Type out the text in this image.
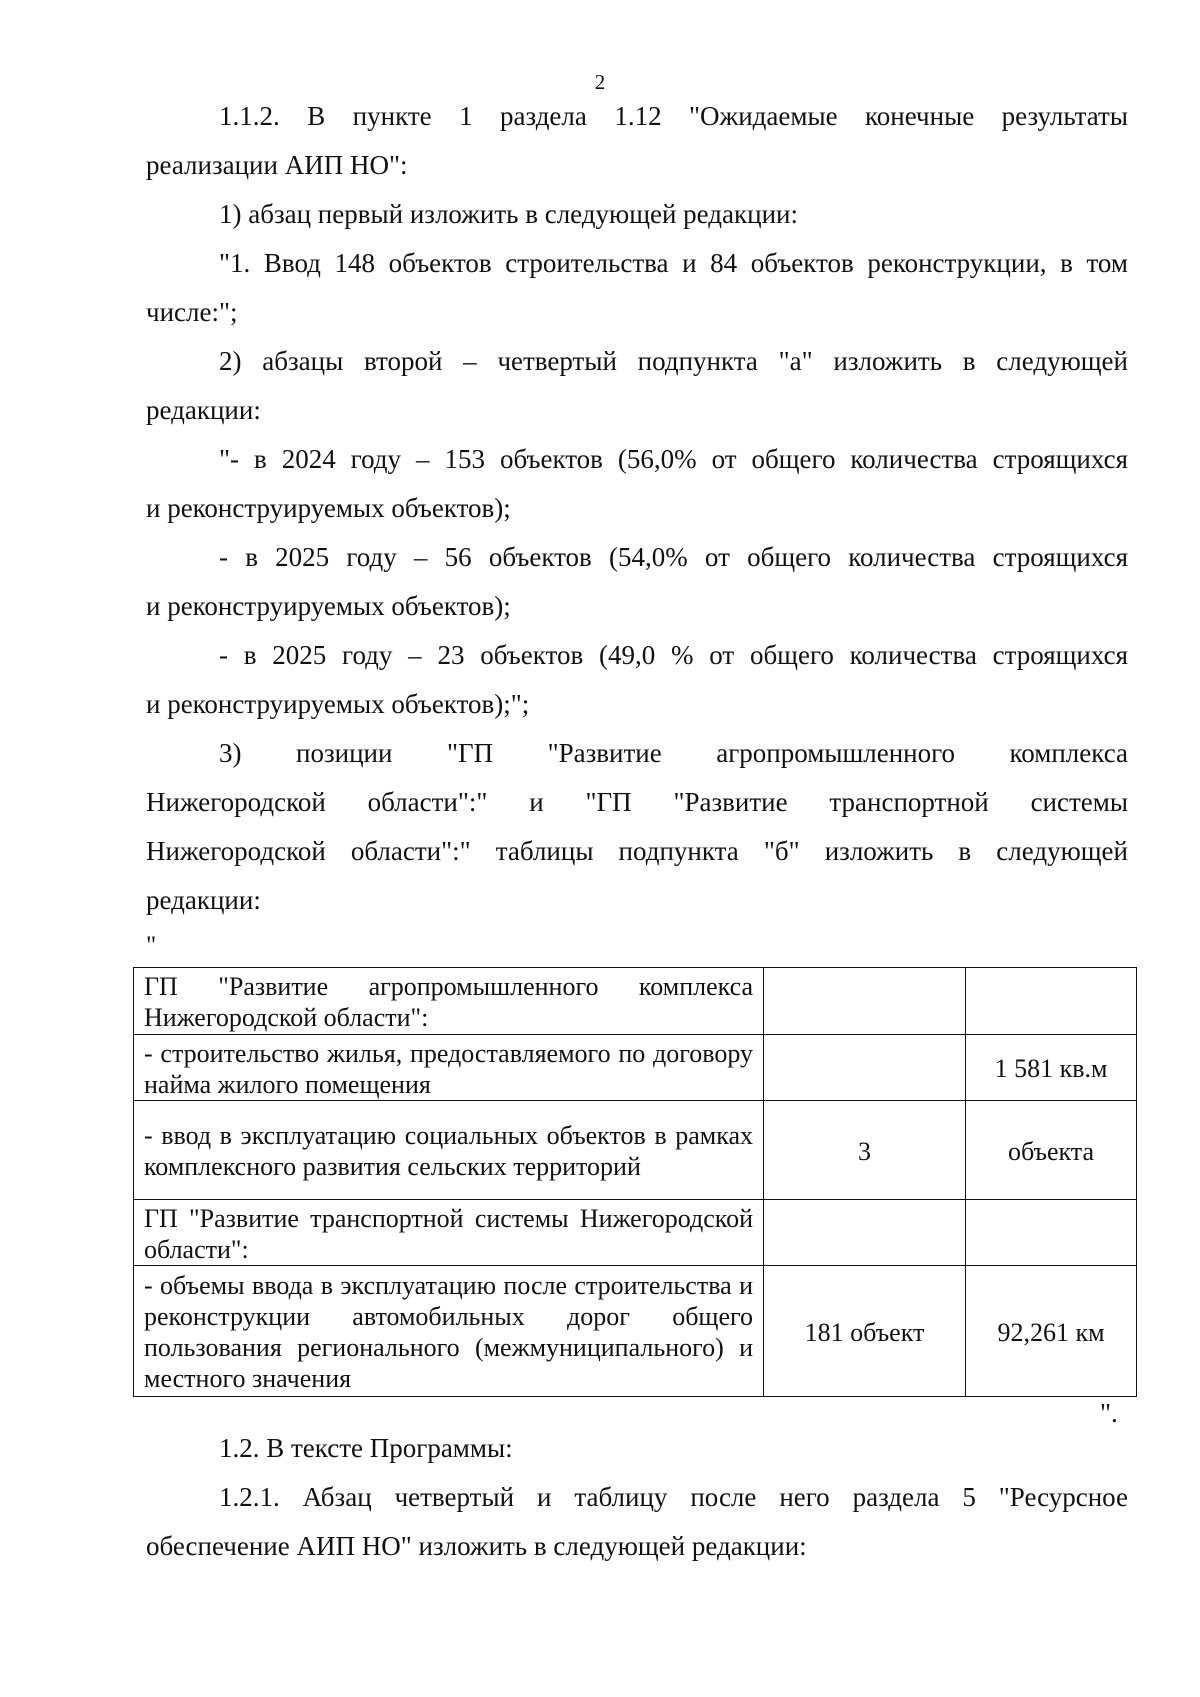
2
1.1.2. В пункте 1 раздела 1.12 "Ожидаемые конечные результаты
реализации АИП НО":
1) абзац первый изложить в следующей редакции:
"1. Ввод 148 объектов строительства и 84 объектов реконструкции, в том
числе:";
2) абзацы второй – четвертый подпункта "а" изложить в следующей
редакции:
"- в 2024 году – 153 объектов (56,0% от общего количества строящихся
и реконструируемых объектов);
- в 2025 году – 56 объектов (54,0% от общего количества строящихся
и реконструируемых объектов);
- в 2025 году – 23 объектов (49,0 % от общего количества строящихся
и реконструируемых объектов);";
3) позиции "ГП "Развитие агропромышленного комплекса
Нижегородской области":" и "ГП "Развитие транспортной системы
Нижегородской области":" таблицы подпункта "б" изложить в следующей
редакции:
"
ГП "Развитие агропромышленного комплекса Нижегородской области":		
- строительство жилья, предоставляемого по договору найма жилого помещения		1 581 кв.м
- ввод в эксплуатацию социальных объектов в рамках комплексного развития сельских территорий	3	объекта
ГП "Развитие транспортной системы Нижегородской области":		
- объемы ввода в эксплуатацию после строительства и реконструкции автомобильных дорог общего пользования регионального (межмуниципального) и местного значения	181 объект	92,261 км
".
1.2. В тексте Программы:
1.2.1. Абзац четвертый и таблицу после него раздела 5 "Ресурсное
обеспечение АИП НО" изложить в следующей редакции:
